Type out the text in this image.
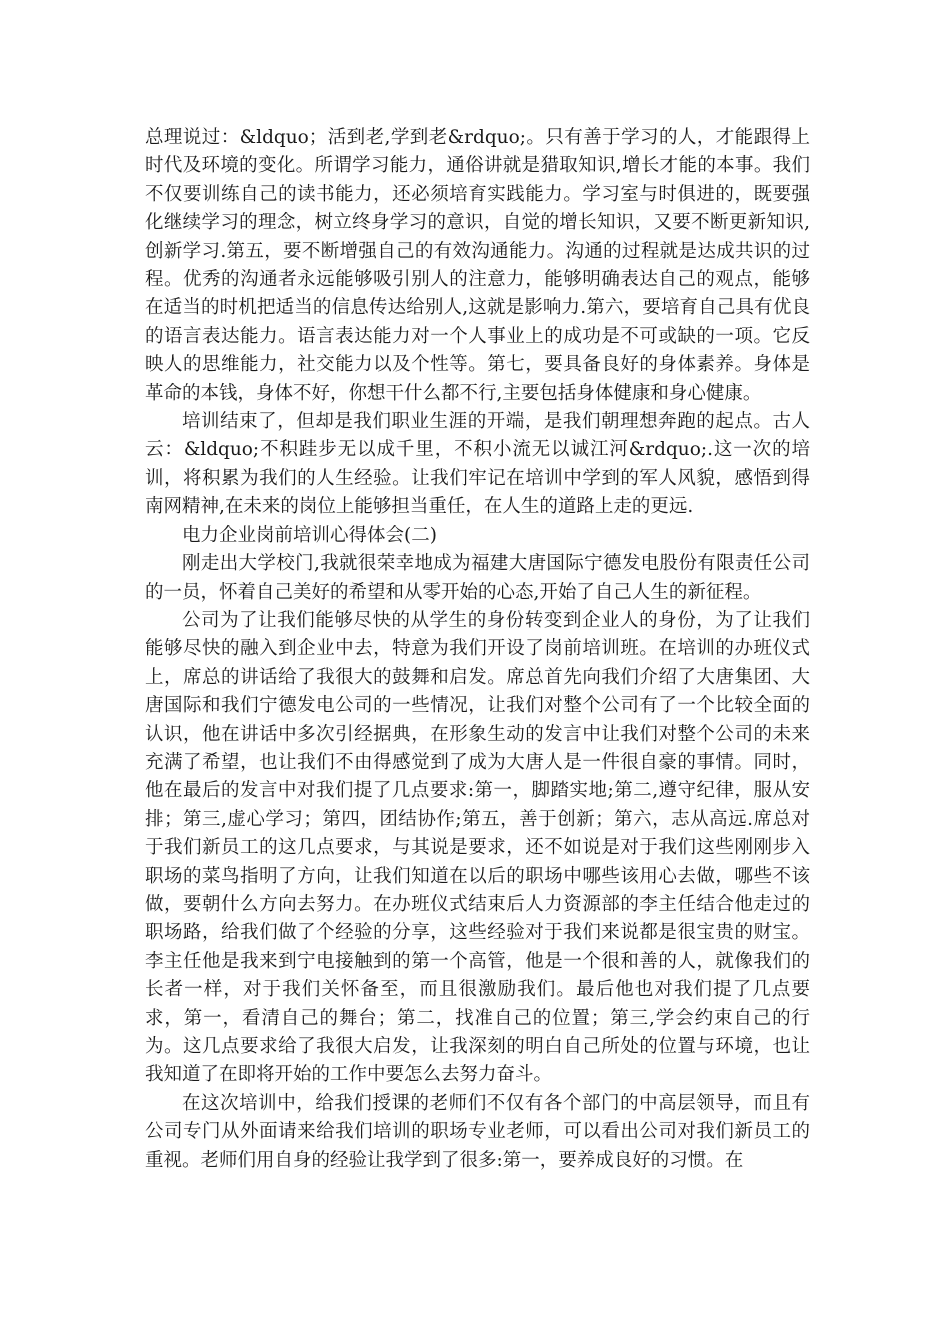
总理说过：&ldquo；活到老,学到老&rdquo;。只有善于学习的人，才能跟得上时代及环境的变化。所谓学习能力，通俗讲就是猎取知识,增长才能的本事。我们不仅要训练自己的读书能力，还必须培育实践能力。学习室与时俱进的，既要强化继续学习的理念，树立终身学习的意识，自觉的增长知识，又要不断更新知识,创新学习.第五，要不断增强自己的有效沟通能力。沟通的过程就是达成共识的过程。优秀的沟通者永远能够吸引别人的注意力，能够明确表达自己的观点，能够在适当的时机把适当的信息传达给别人,这就是影响力.第六，要培育自己具有优良的语言表达能力。语言表达能力对一个人事业上的成功是不可或缺的一项。它反映人的思维能力，社交能力以及个性等。第七，要具备良好的身体素养。身体是革命的本钱，身体不好，你想干什么都不行,主要包括身体健康和身心健康。

培训结束了，但却是我们职业生涯的开端，是我们朝理想奔跑的起点。古人云：&ldquo;不积跬步无以成千里，不积小流无以诚江河&rdquo;.这一次的培训，将积累为我们的人生经验。让我们牢记在培训中学到的军人风貌，感悟到得南网精神,在未来的岗位上能够担当重任，在人生的道路上走的更远.

电力企业岗前培训心得体会(二)

刚走出大学校门,我就很荣幸地成为福建大唐国际宁德发电股份有限责任公司的一员，怀着自己美好的希望和从零开始的心态,开始了自己人生的新征程。

公司为了让我们能够尽快的从学生的身份转变到企业人的身份，为了让我们能够尽快的融入到企业中去，特意为我们开设了岗前培训班。在培训的办班仪式上，席总的讲话给了我很大的鼓舞和启发。席总首先向我们介绍了大唐集团、大唐国际和我们宁德发电公司的一些情况，让我们对整个公司有了一个比较全面的认识，他在讲话中多次引经据典，在形象生动的发言中让我们对整个公司的未来充满了希望，也让我们不由得感觉到了成为大唐人是一件很自豪的事情。同时，他在最后的发言中对我们提了几点要求:第一，脚踏实地;第二,遵守纪律，服从安排；第三,虚心学习；第四，团结协作;第五，善于创新；第六，志从高远.席总对于我们新员工的这几点要求，与其说是要求，还不如说是对于我们这些刚刚步入职场的菜鸟指明了方向，让我们知道在以后的职场中哪些该用心去做，哪些不该做，要朝什么方向去努力。在办班仪式结束后人力资源部的李主任结合他走过的职场路，给我们做了个经验的分享，这些经验对于我们来说都是很宝贵的财宝。李主任他是我来到宁电接触到的第一个高管，他是一个很和善的人，就像我们的长者一样，对于我们关怀备至，而且很激励我们。最后他也对我们提了几点要求，第一，看清自己的舞台；第二，找准自己的位置；第三,学会约束自己的行为。这几点要求给了我很大启发，让我深刻的明白自己所处的位置与环境，也让我知道了在即将开始的工作中要怎么去努力奋斗。

在这次培训中，给我们授课的老师们不仅有各个部门的中高层领导，而且有公司专门从外面请来给我们培训的职场专业老师，可以看出公司对我们新员工的重视。老师们用自身的经验让我学到了很多:第一，要养成良好的习惯。在
